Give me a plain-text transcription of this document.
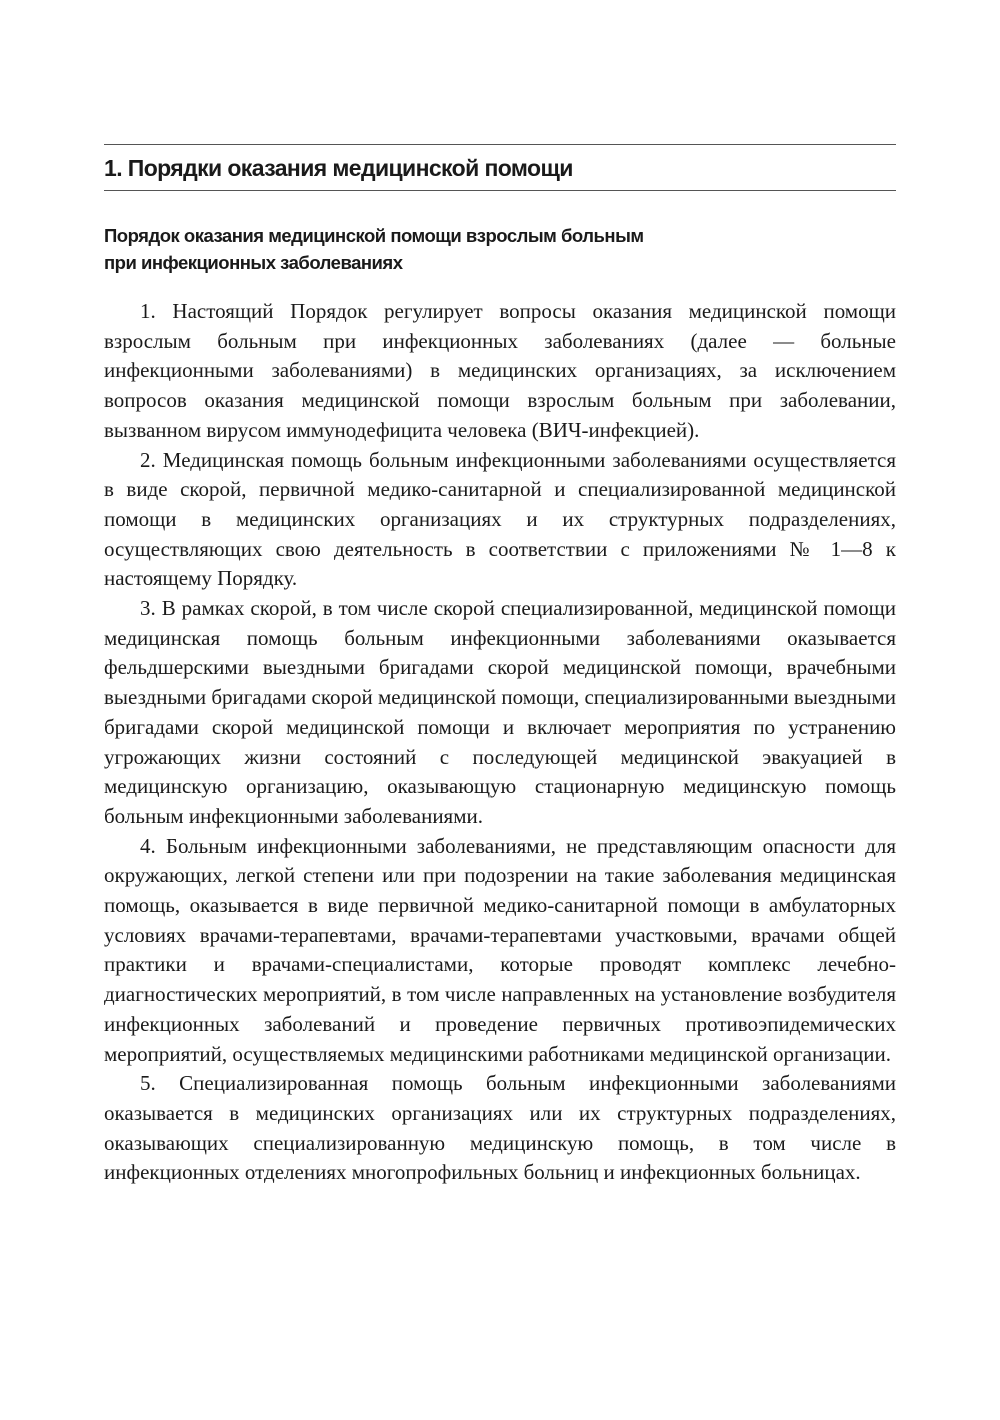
1. Порядки оказания медицинской помощи
Порядок оказания медицинской помощи взрослым больным
при инфекционных заболеваниях

1. Настоящий Порядок регулирует вопросы оказания медицинской помощи взрослым больным при инфекционных заболеваниях (далее — больные инфекционными заболеваниями) в медицинских организациях, за исключением вопросов оказания медицинской помощи взрослым больным при заболевании, вызванном вирусом иммунодефицита человека (ВИЧ-инфекцией).

2. Медицинская помощь больным инфекционными заболеваниями осуществляется в виде скорой, первичной медико-санитарной и специализированной медицинской помощи в медицинских организациях и их структурных подразделениях, осуществляющих свою деятельность в соответствии с приложениями № 1—8 к настоящему Порядку.

3. В рамках скорой, в том числе скорой специализированной, медицинской помощи медицинская помощь больным инфекционными заболеваниями оказывается фельдшерскими выездными бригадами скорой медицинской помощи, врачебными выездными бригадами скорой медицинской помощи, специализированными выездными бригадами скорой медицинской помощи и включает мероприятия по устранению угрожающих жизни состояний с последующей медицинской эвакуацией в медицинскую организацию, оказывающую стационарную медицинскую помощь больным инфекционными заболеваниями.

4. Больным инфекционными заболеваниями, не представляющим опасности для окружающих, легкой степени или при подозрении на такие заболевания медицинская помощь, оказывается в виде первичной медико-санитарной помощи в амбулаторных условиях врачами-терапевтами, врачами-терапевтами участковыми, врачами общей практики и врачами-специалистами, которые проводят комплекс лечебно-диагностических мероприятий, в том числе направленных на установление возбудителя инфекционных заболеваний и проведение первичных противоэпидемических мероприятий, осуществляемых медицинскими работниками медицинской организации.

5. Специализированная помощь больным инфекционными заболеваниями оказывается в медицинских организациях или их структурных подразделениях, оказывающих специализированную медицинскую помощь, в том числе в инфекционных отделениях многопрофильных больниц и инфекционных больницах.
